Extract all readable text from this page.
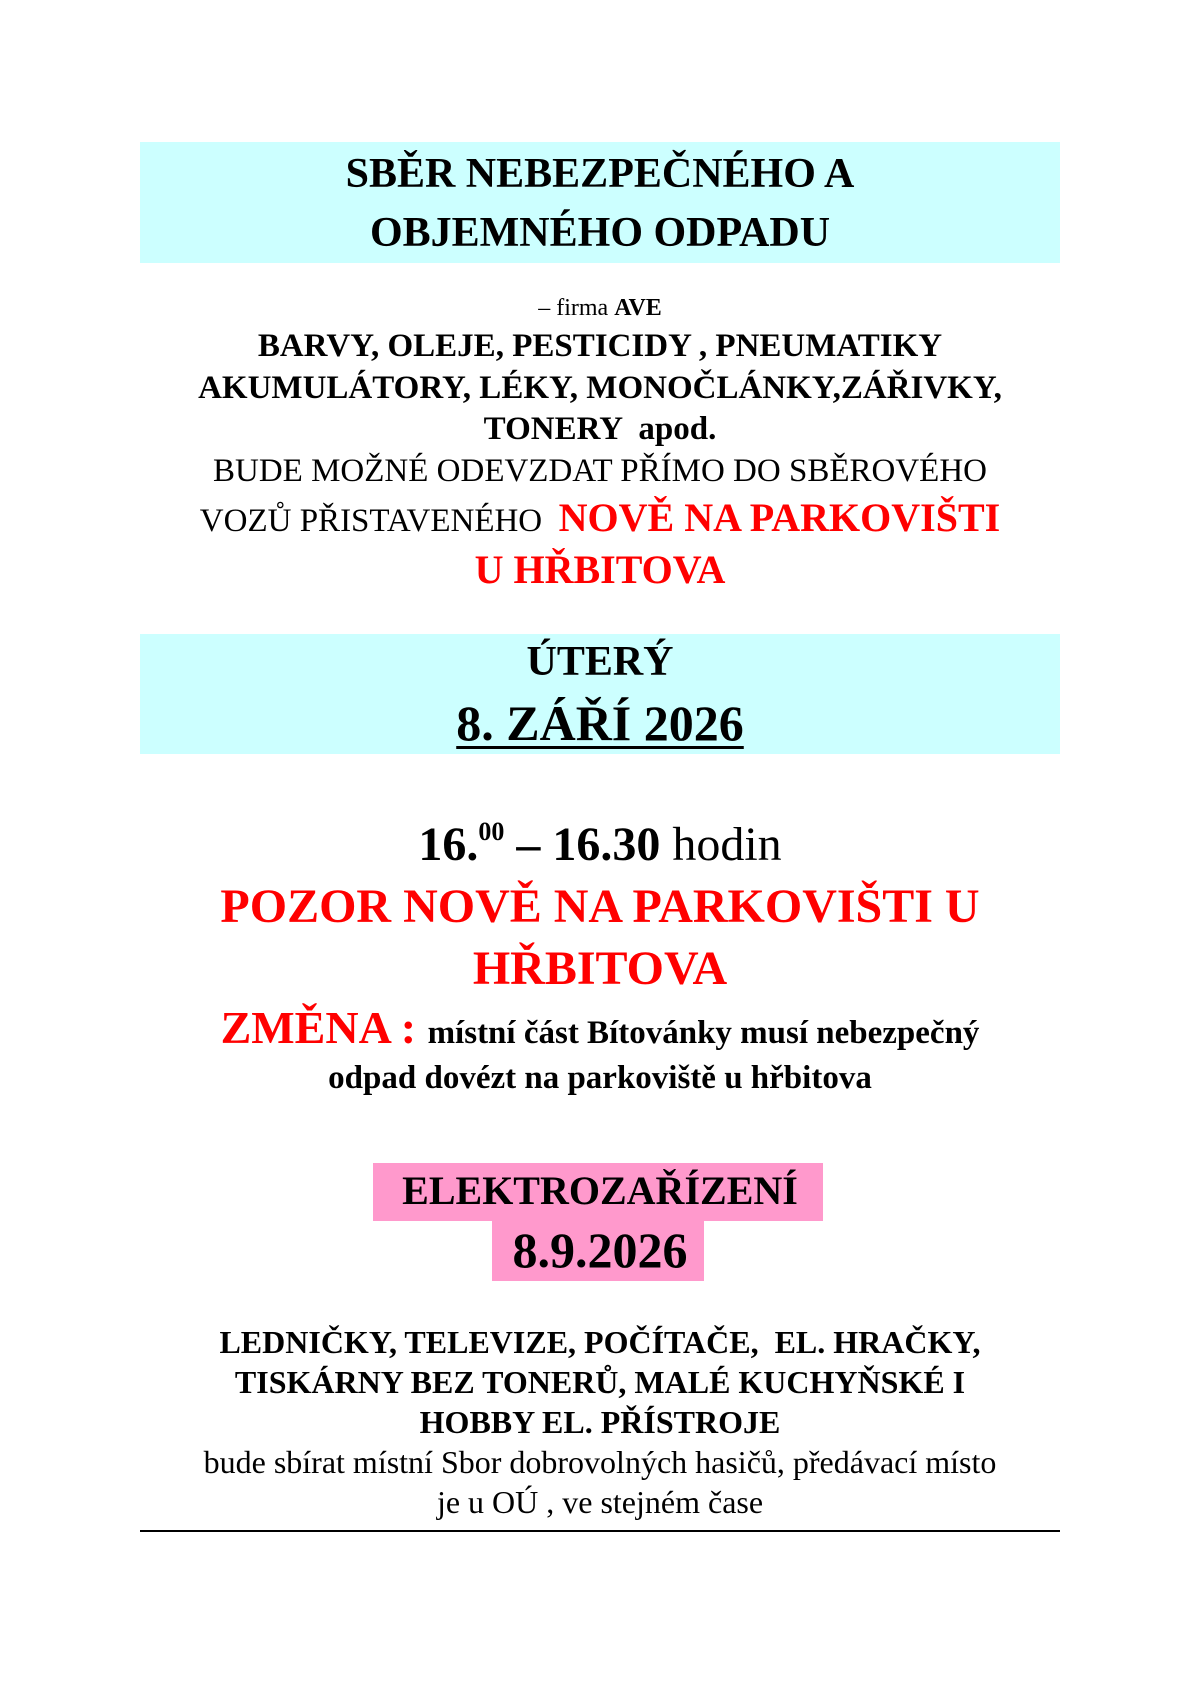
SBĚR NEBEZPEČNÉHO A
OBJEMNÉHO ODPADU
– firma AVE
BARVY, OLEJE, PESTICIDY , PNEUMATIKY
AKUMULÁTORY, LÉKY, MONOČLÁNKY,ZÁŘIVKY,
TONERY  apod.
BUDE MOŽNÉ ODEVZDAT PŘÍMO DO SBĚROVÉHO
VOZŮ PŘISTAVENÉHO  NOVĚ NA PARKOVIŠTI
U HŘBITOVA
ÚTERÝ
8. ZÁŘÍ 2026
16.00 – 16.30 hodin
POZOR NOVĚ NA PARKOVIŠTI U
HŘBITOVA
ZMĚNA : místní část Bítovánky musí nebezpečný
odpad dovézt na parkoviště u hřbitova
ELEKTROZAŘÍZENÍ
8.9.2026
LEDNIČKY, TELEVIZE, POČÍTAČE,  EL. HRAČKY,
TISKÁRNY BEZ TONERŮ, MALÉ KUCHYŇSKÉ I
HOBBY EL. PŘÍSTROJE
bude sbírat místní Sbor dobrovolných hasičů, předávací místo
je u OÚ , ve stejném čase
